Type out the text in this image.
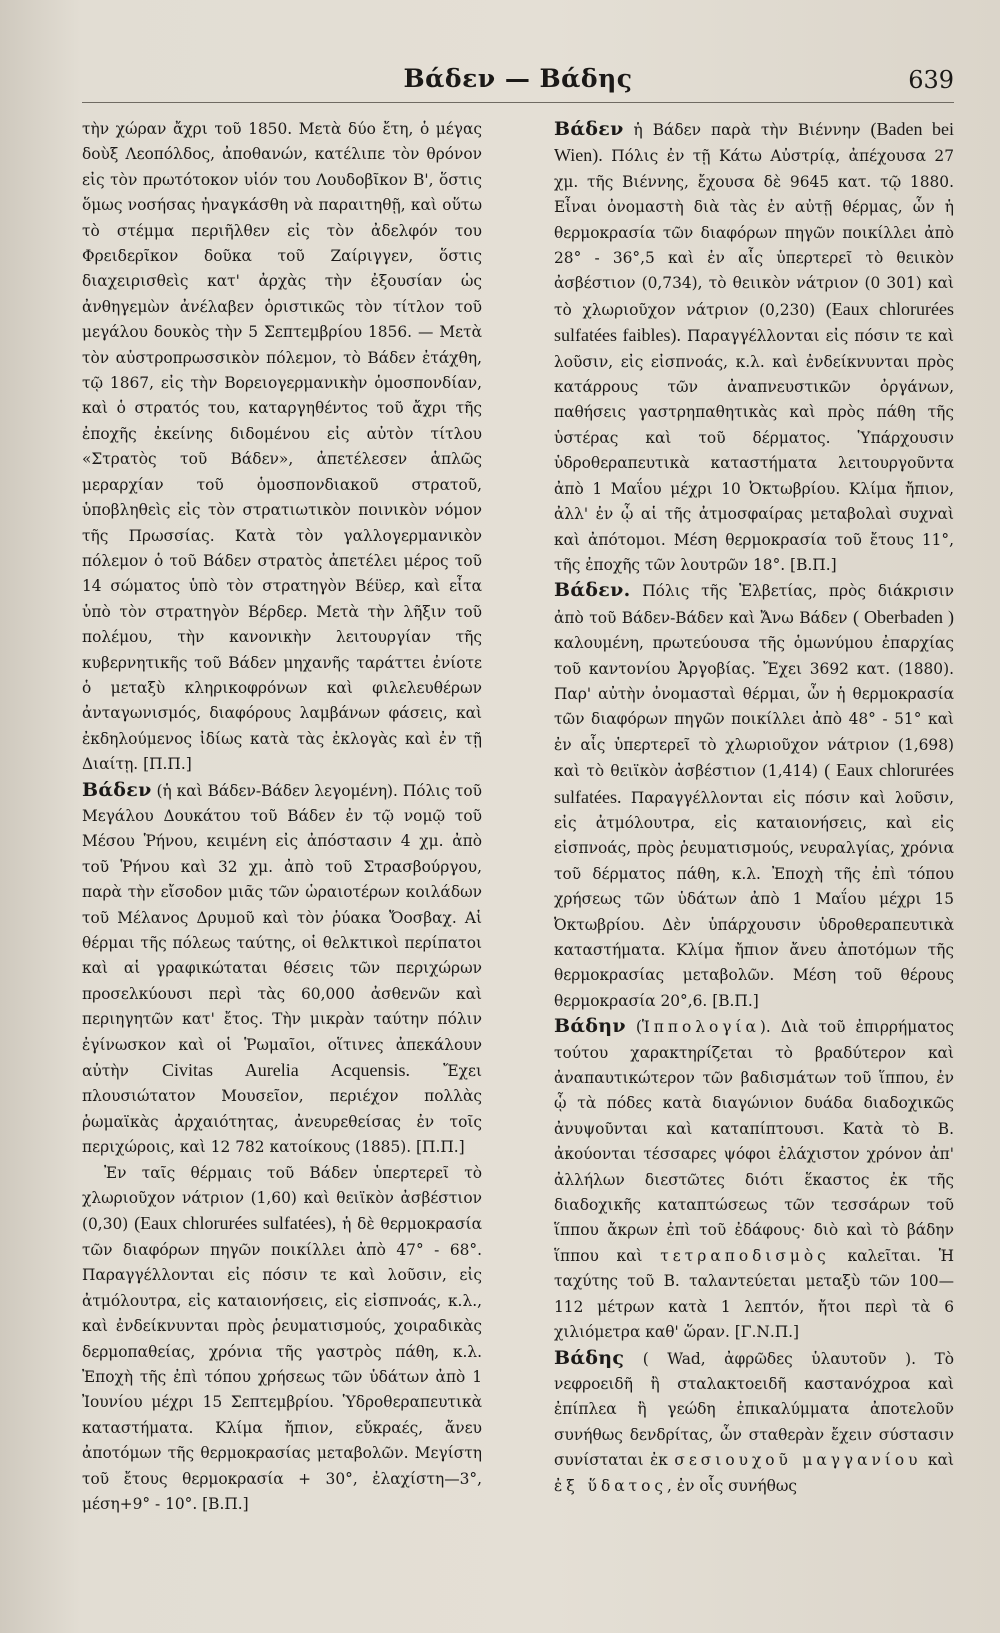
Βάδεν — Βάδης	639

τὴν χώραν ἄχρι τοῦ 1850. Μετὰ δύο ἔτη, ὁ μέγας δοὺξ Λεοπόλδος, ἀποθανών, κατέλιπε τὸν θρόνον εἰς τὸν πρωτότοκον υἱόν του Λουδοβῖκον Β', ὅστις ὅμως νοσήσας ἠναγκάσθη νὰ παραιτηθῇ, καὶ οὕτω τὸ στέμμα περιῆλθεν εἰς τὸν ἀδελφόν του Φρειδερῖκον δοῦκα τοῦ Ζαίριγγεν, ὅστις διαχειρισθεὶς κατ' ἀρχὰς τὴν ἐξουσίαν ὡς ἀνθηγεμὼν ἀνέλαβεν ὁριστικῶς τὸν τίτλον τοῦ μεγάλου δουκὸς τὴν 5 Σεπτεμβρίου 1856. — Μετὰ τὸν αὐστροπρωσσικὸν πόλεμον, τὸ Βάδεν ἐτάχθη, τῷ 1867, εἰς τὴν Βορειογερμανικὴν ὁμοσπονδίαν, καὶ ὁ στρατός του, καταργηθέντος τοῦ ἄχρι τῆς ἐποχῆς ἐκείνης διδομένου εἰς αὐτὸν τίτλου «Στρατὸς τοῦ Βάδεν», ἀπετέλεσεν ἁπλῶς μεραρχίαν τοῦ ὁμοσπονδιακοῦ στρατοῦ, ὑποβληθεὶς εἰς τὸν στρατιωτικὸν ποινικὸν νόμον τῆς Πρωσσίας. Κατὰ τὸν γαλλογερμανικὸν πόλεμον ὁ τοῦ Βάδεν στρατὸς ἀπετέλει μέρος τοῦ 14 σώματος ὑπὸ τὸν στρατηγὸν Βέϋερ, καὶ εἶτα ὑπὸ τὸν στρατηγὸν Βέρδερ. Μετὰ τὴν λῆξιν τοῦ πολέμου, τὴν κανονικὴν λειτουργίαν τῆς κυβερνητικῆς τοῦ Βάδεν μηχανῆς ταράττει ἐνίοτε ὁ μεταξὺ κληρικοφρόνων καὶ φιλελευθέρων ἀνταγωνισμός, διαφόρους λαμβάνων φάσεις, καὶ ἐκδηλούμενος ἰδίως κατὰ τὰς ἐκλογὰς καὶ ἐν τῇ Διαίτῃ. [Π.Π.]

Βάδεν (ἡ καὶ Βάδεν-Βάδεν λεγομένη). Πόλις τοῦ Μεγάλου Δουκάτου τοῦ Βάδεν ἐν τῷ νομῷ τοῦ Μέσου Ῥήνου, κειμένη εἰς ἀπόστασιν 4 χμ. ἀπὸ τοῦ Ῥήνου καὶ 32 χμ. ἀπὸ τοῦ Στρασβούργου, παρὰ τὴν εἴσοδον μιᾶς τῶν ὡραιοτέρων κοιλάδων τοῦ Μέλανος Δρυμοῦ καὶ τὸν ῥύακα Ὄοσβαχ. Αἱ θέρμαι τῆς πόλεως ταύτης, οἱ θελκτικοὶ περίπατοι καὶ αἱ γραφικώταται θέσεις τῶν περιχώρων προσελκύουσι περὶ τὰς 60,000 ἀσθενῶν καὶ περιηγητῶν κατ' ἔτος. Τὴν μικρὰν ταύτην πόλιν ἐγίνωσκον καὶ οἱ Ῥωμαῖοι, οἵτινες ἀπεκάλουν αὐτὴν Civitas Aurelia Acquensis. Ἔχει πλουσιώτατον Μουσεῖον, περιέχον πολλὰς ῥωμαϊκὰς ἀρχαιότητας, ἀνευρεθείσας ἐν τοῖς περιχώροις, καὶ 12 782 κατοίκους (1885). [Π.Π.]

Ἐν ταῖς θέρμαις τοῦ Βάδεν ὑπερτερεῖ τὸ χλωριοῦχον νάτριον (1,60) καὶ θειϊκὸν ἀσβέστιον (0,30) (Eaux chlorurées sulfatées), ἡ δὲ θερμοκρασία τῶν διαφόρων πηγῶν ποικίλλει ἀπὸ 47° - 68°. Παραγγέλλονται εἰς πόσιν τε καὶ λοῦσιν, εἰς ἀτμόλουτρα, εἰς καταιονήσεις, εἰς εἰσπνοάς, κ.λ., καὶ ἐνδείκνυνται πρὸς ῥευματισμούς, χοιραδικὰς δερμοπαθείας, χρόνια τῆς γαστρὸς πάθη, κ.λ. Ἐποχὴ τῆς ἐπὶ τόπου χρήσεως τῶν ὑδάτων ἀπὸ 1 Ἰουνίου μέχρι 15 Σεπτεμβρίου. Ὑδροθεραπευτικὰ καταστήματα. Κλίμα ἤπιον, εὔκραές, ἄνευ ἀποτόμων τῆς θερμοκρασίας μεταβολῶν. Μεγίστη τοῦ ἔτους θερμοκρασία + 30°, ἐλαχίστη—3°, μέση+9° - 10°. [Β.Π.]

Βάδεν ἡ Βάδεν παρὰ τὴν Βιέννην (Baden bei Wien). Πόλις ἐν τῇ Κάτω Αὐστρίᾳ, ἀπέχουσα 27 χμ. τῆς Βιέννης, ἔχουσα δὲ 9645 κατ. τῷ 1880. Εἶναι ὀνομαστὴ διὰ τὰς ἐν αὐτῇ θέρμας, ὧν ἡ θερμοκρασία τῶν διαφόρων πηγῶν ποικίλλει ἀπὸ 28° - 36°,5 καὶ ἐν αἷς ὑπερτερεῖ τὸ θειικὸν ἀσβέστιον (0,734), τὸ θειικὸν νάτριον (0 301) καὶ τὸ χλωριοῦχον νάτριον (0,230) (Eaux chlorurées sulfatées faibles). Παραγγέλλονται εἰς πόσιν τε καὶ λοῦσιν, εἰς εἰσπνοάς, κ.λ. καὶ ἐνδείκνυνται πρὸς κατάρρους τῶν ἀναπνευστικῶν ὀργάνων, παθήσεις γαστρηπαθητικὰς καὶ πρὸς πάθη τῆς ὑστέρας καὶ τοῦ δέρματος. Ὑπάρχουσιν ὑδροθεραπευτικὰ καταστήματα λειτουργοῦντα ἀπὸ 1 Μαΐου μέχρι 10 Ὀκτωβρίου. Κλίμα ἤπιον, ἀλλ' ἐν ᾧ αἱ τῆς ἀτμοσφαίρας μεταβολαὶ συχναὶ καὶ ἀπότομοι. Μέση θερμοκρασία τοῦ ἔτους 11°, τῆς ἐποχῆς τῶν λουτρῶν 18°. [Β.Π.]

Βάδεν. Πόλις τῆς Ἑλβετίας, πρὸς διάκρισιν ἀπὸ τοῦ Βάδεν-Βάδεν καὶ Ἄνω Βάδεν ( Oberbaden ) καλουμένη, πρωτεύουσα τῆς ὁμωνύμου ἐπαρχίας τοῦ καντονίου Ἀργοβίας. Ἔχει 3692 κατ. (1880). Παρ' αὐτὴν ὀνομασταὶ θέρμαι, ὧν ἡ θερμοκρασία τῶν διαφόρων πηγῶν ποικίλλει ἀπὸ 48° - 51° καὶ ἐν αἷς ὑπερτερεῖ τὸ χλωριοῦχον νάτριον (1,698) καὶ τὸ θειϊκὸν ἀσβέστιον (1,414) ( Eaux chlorurées sulfatées. Παραγγέλλονται εἰς πόσιν καὶ λοῦσιν, εἰς ἀτμόλουτρα, εἰς καταιονήσεις, καὶ εἰς εἰσπνοάς, πρὸς ῥευματισμούς, νευραλγίας, χρόνια τοῦ δέρματος πάθη, κ.λ. Ἐποχὴ τῆς ἐπὶ τόπου χρήσεως τῶν ὑδάτων ἀπὸ 1 Μαΐου μέχρι 15 Ὀκτωβρίου. Δὲν ὑπάρχουσιν ὑδροθεραπευτικὰ καταστήματα. Κλίμα ἤπιον ἄνευ ἀποτόμων τῆς θερμοκρασίας μεταβολῶν. Μέση τοῦ θέρους θερμοκρασία 20°,6. [Β.Π.]

Βάδην (Ἱππολογία). Διὰ τοῦ ἐπιρρήματος τούτου χαρακτηρίζεται τὸ βραδύτερον καὶ ἀναπαυτικώτερον τῶν βαδισμάτων τοῦ ἵππου, ἐν ᾧ τὰ πόδες κατὰ διαγώνιον δυάδα διαδοχικῶς ἀνυψοῦνται καὶ καταπίπτουσι. Κατὰ τὸ Β. ἀκούονται τέσσαρες ψόφοι ἐλάχιστον χρόνον ἀπ' ἀλλήλων διεστῶτες διότι ἕκαστος ἐκ τῆς διαδοχικῆς καταπτώσεως τῶν τεσσάρων τοῦ ἵππου ἄκρων ἐπὶ τοῦ ἐδάφους· διὸ καὶ τὸ βάδην ἵππου καὶ τετραποδισμὸς καλεῖται. Ἡ ταχύτης τοῦ Β. ταλαντεύεται μεταξὺ τῶν 100—112 μέτρων κατὰ 1 λεπτόν, ἤτοι περὶ τὰ 6 χιλιόμετρα καθ' ὥραν. [Γ.Ν.Π.]

Βάδης ( Wad, ἀφρῶδες ὑλαυτοῦν ). Τὸ νεφροειδῆ ἢ σταλακτοειδῆ καστανόχροα καὶ ἐπίπλεα ἢ γεώδη ἐπικαλύμματα ἀποτελοῦν συνήθως δενδρίτας, ὧν σταθερὰν ἔχειν σύστασιν συνίσταται ἐκ σεσιουχοῦ μαγγανίου καὶ ἐξ ὕδατος, ἐν οἷς συνήθως
